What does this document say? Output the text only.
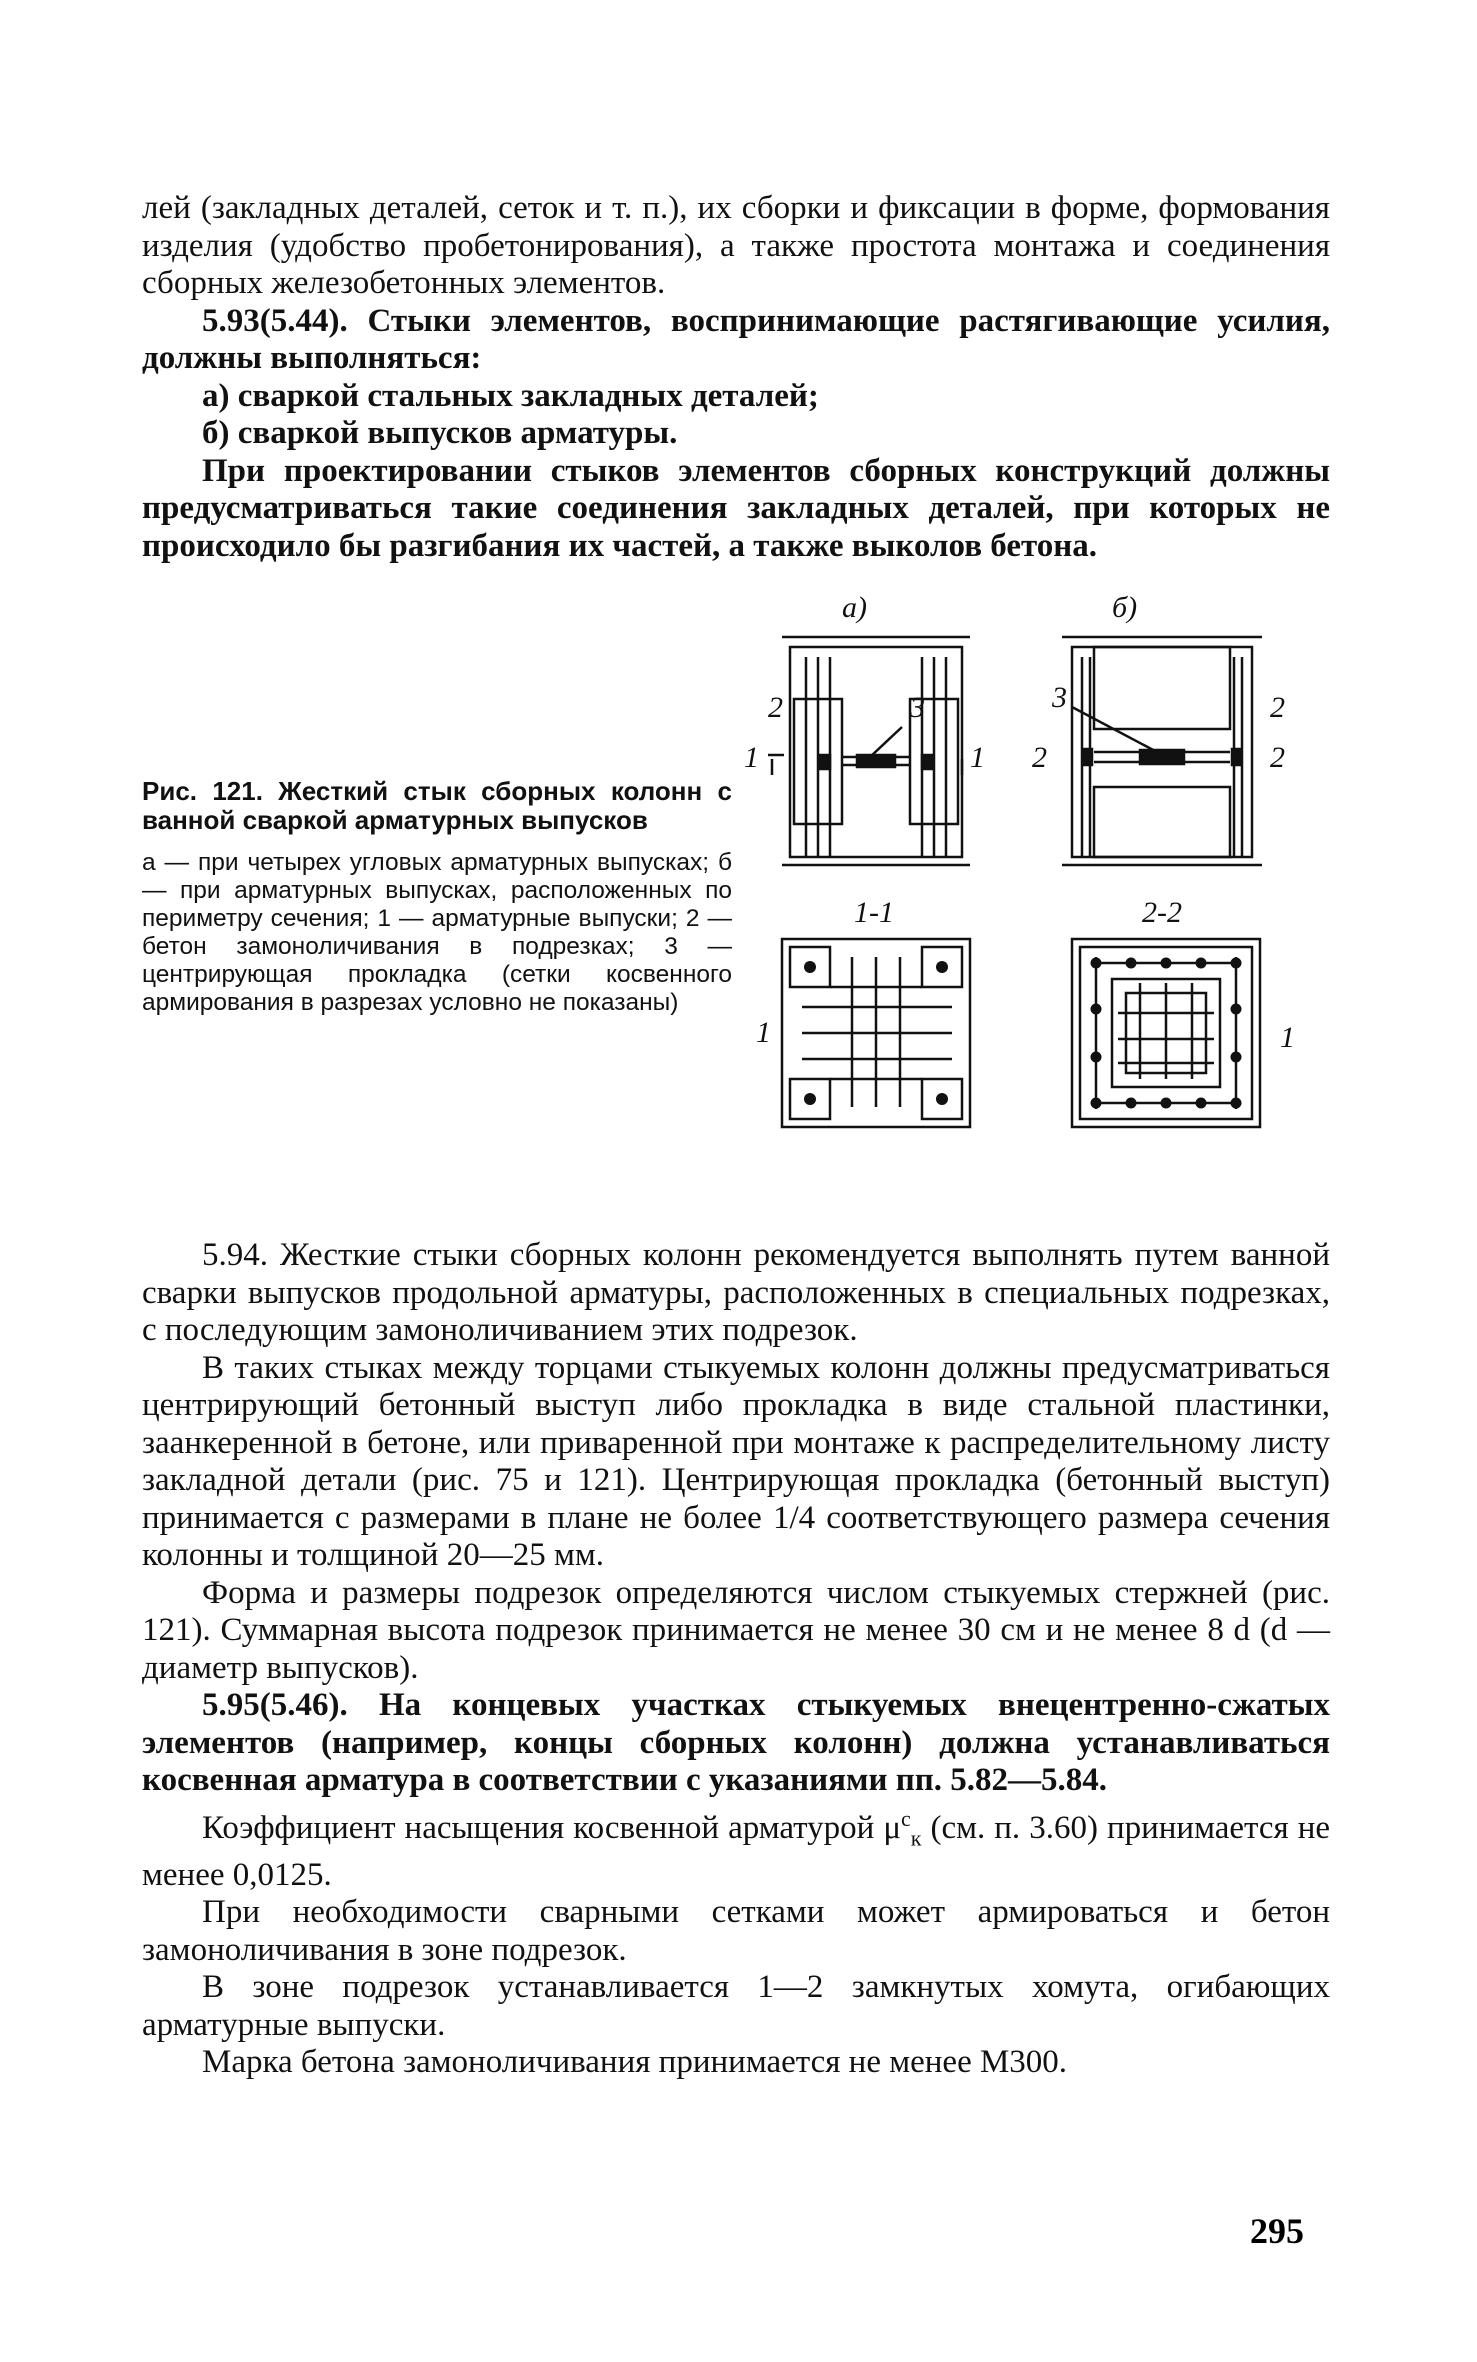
лей (закладных деталей, сеток и т. п.), их сборки и фиксации в форме, формования изделия (удобство пробетонирования), а также простота монтажа и соединения сборных железобетонных элементов.

5.93(5.44). Стыки элементов, воспринимающие растягивающие усилия, должны выполняться:

а) сваркой стальных закладных деталей;

б) сваркой выпусков арматуры.

При проектировании стыков элементов сборных конструкций должны предусматриваться такие соединения закладных деталей, при которых не происходило бы разгибания их частей, а также выколов бетона.

Рис. 121. Жесткий стык сборных колонн с ванной сваркой арматурных выпусков

а — при четырех угловых арматурных выпусках; б — при арматурных выпусках, расположенных по периметру сечения; 1 — арматурные выпуски; 2 — бетон замоноличивания в подрезках; 3 — центрирующая прокладка (сетки косвенного армирования в разрезах условно не показаны)

а)	б)
2	3
1	1
3	2
2	2
1-1	2-2
1	1

5.94. Жесткие стыки сборных колонн рекомендуется выполнять путем ванной сварки выпусков продольной арматуры, расположенных в специальных подрезках, с последующим замоноличиванием этих подрезок.

В таких стыках между торцами стыкуемых колонн должны предусматриваться центрирующий бетонный выступ либо прокладка в виде стальной пластинки, заанкеренной в бетоне, или приваренной при монтаже к распределительному листу закладной детали (рис. 75 и 121). Центрирующая прокладка (бетонный выступ) принимается с размерами в плане не более 1/4 соответствующего размера сечения колонны и толщиной 20—25 мм.

Форма и размеры подрезок определяются числом стыкуемых стержней (рис. 121). Суммарная высота подрезок принимается не менее 30 см и не менее 8 d (d — диаметр выпусков).

5.95(5.46). На концевых участках стыкуемых внецентренно-сжатых элементов (например, концы сборных колонн) должна устанавливаться косвенная арматура в соответствии с указаниями пп. 5.82—5.84.

Коэффициент насыщения косвенной арматурой $\mu^с_к$ (см. п. 3.60) принимается не менее 0,0125.

При необходимости сварными сетками может армироваться и бетон замоноличивания в зоне подрезок.

В зоне подрезок устанавливается 1—2 замкнутых хомута, огибающих арматурные выпуски.

Марка бетона замоноличивания принимается не менее М300.

295
